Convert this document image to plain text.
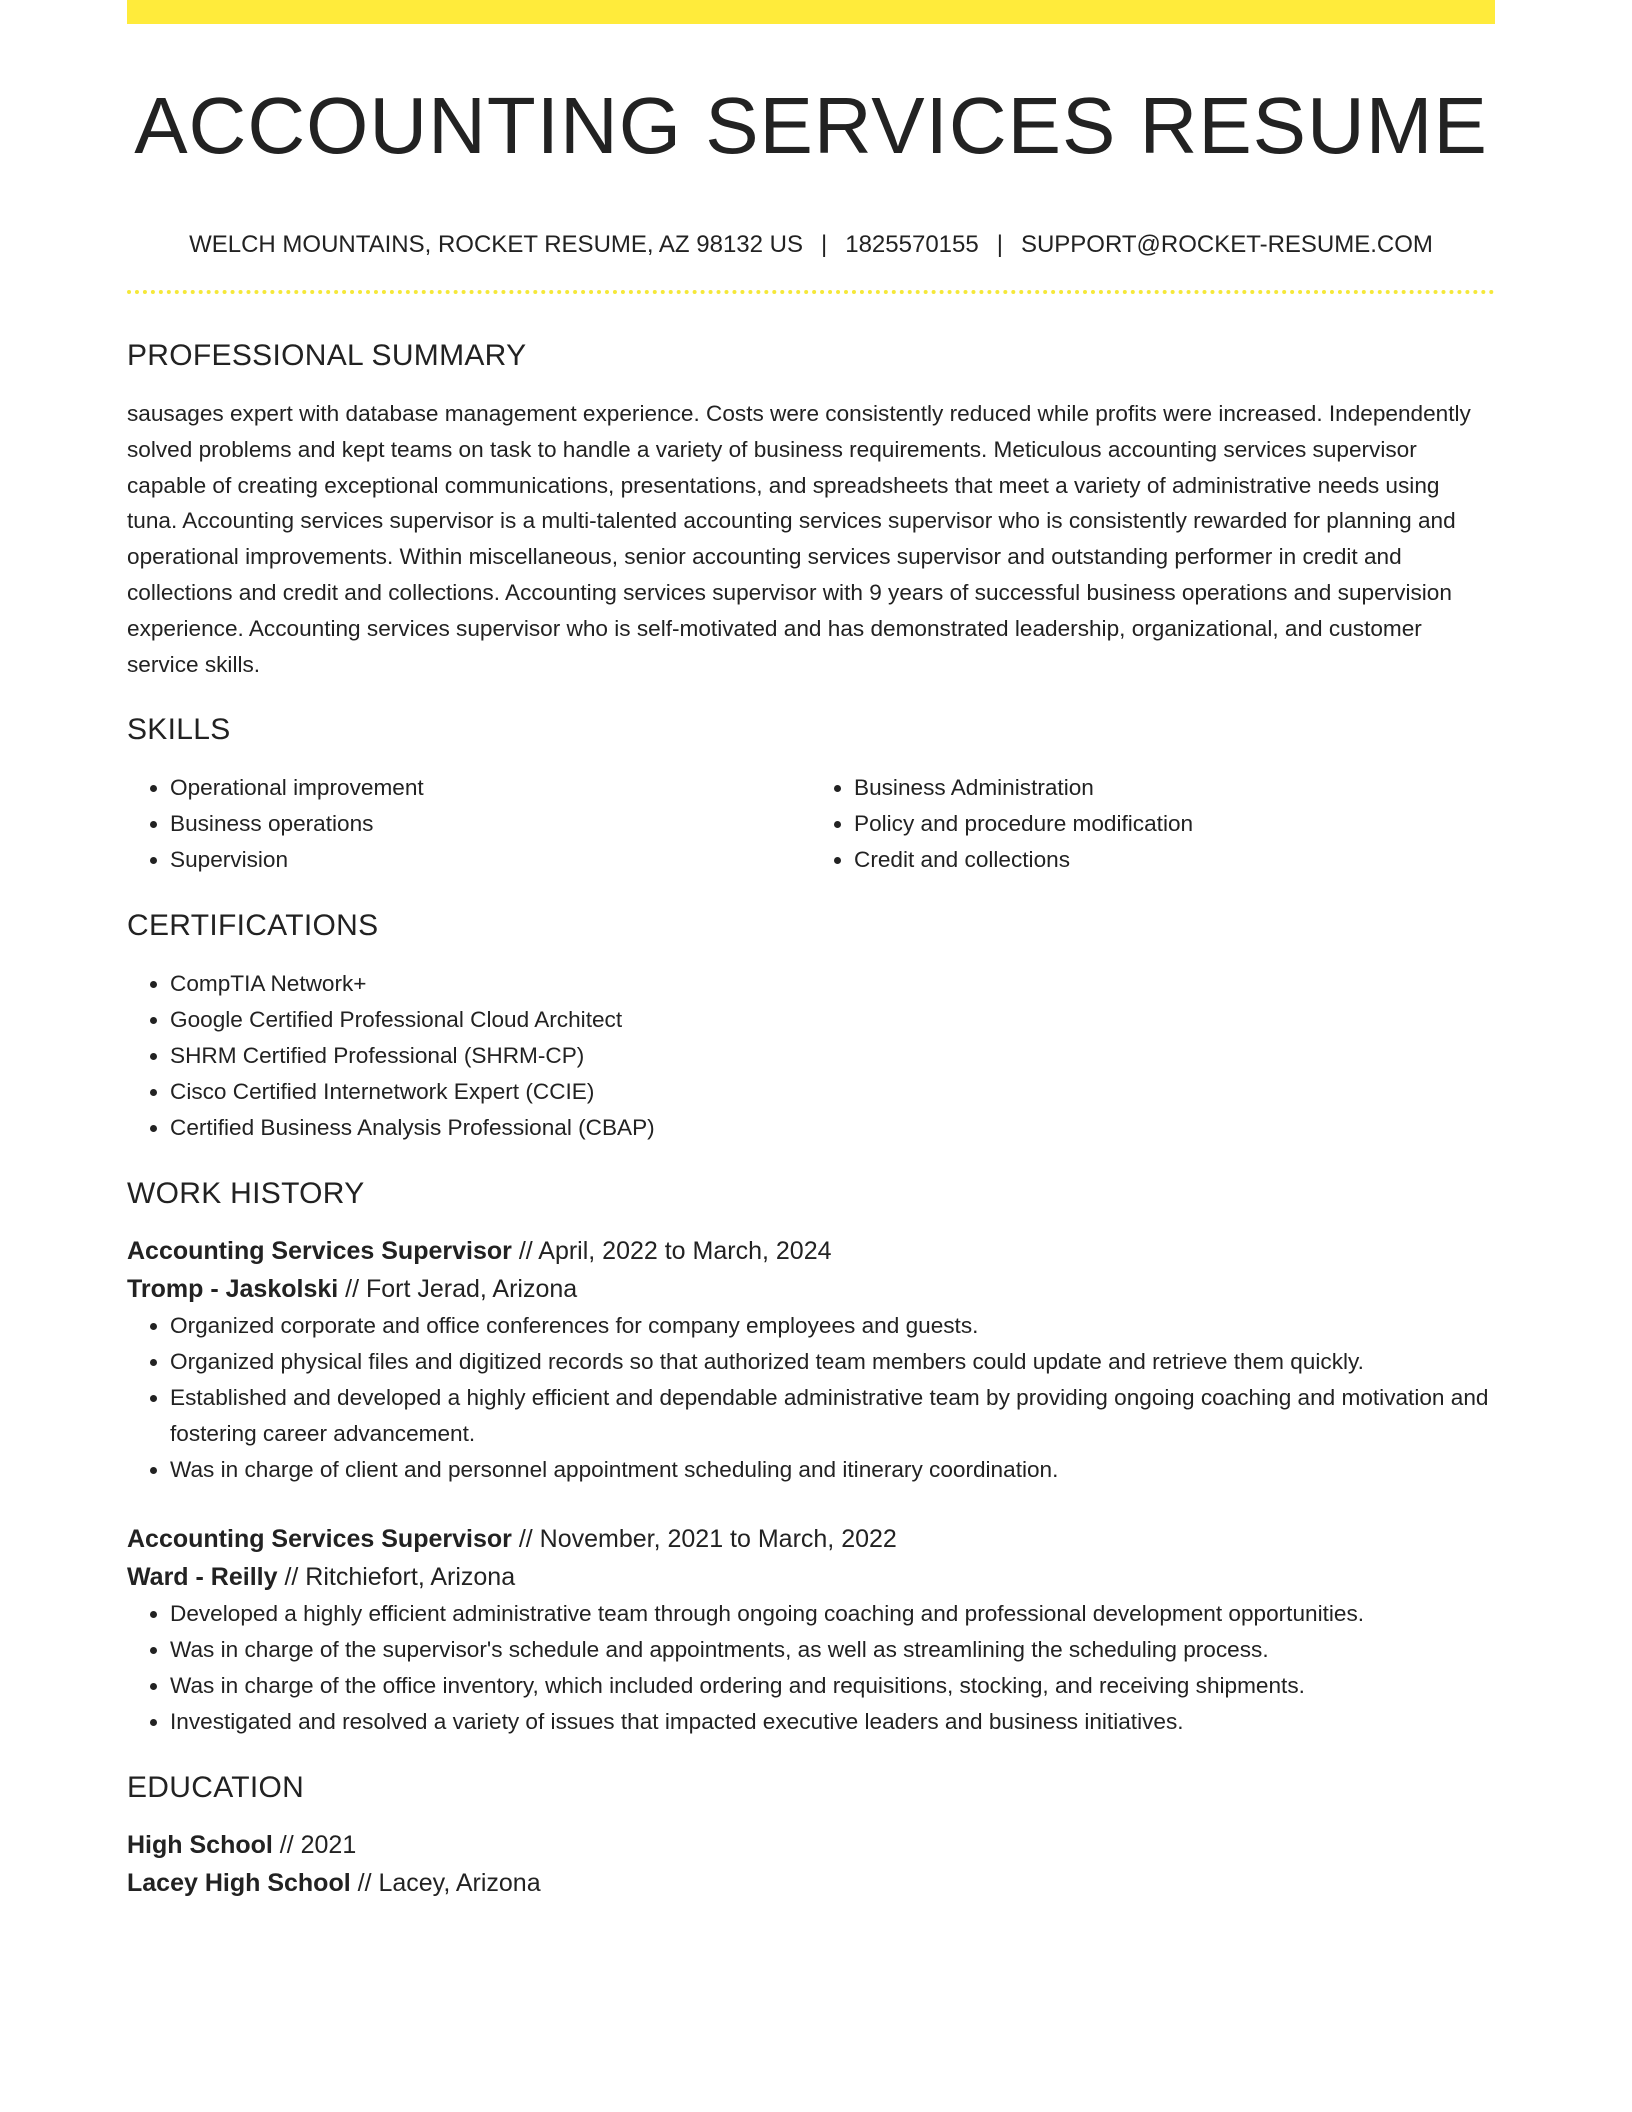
ACCOUNTING SERVICES RESUME
WELCH MOUNTAINS, ROCKET RESUME, AZ 98132 US | 1825570155 | SUPPORT@ROCKET-RESUME.COM
PROFESSIONAL SUMMARY
sausages expert with database management experience. Costs were consistently reduced while profits were increased. Independently solved problems and kept teams on task to handle a variety of business requirements. Meticulous accounting services supervisor capable of creating exceptional communications, presentations, and spreadsheets that meet a variety of administrative needs using tuna. Accounting services supervisor is a multi-talented accounting services supervisor who is consistently rewarded for planning and operational improvements. Within miscellaneous, senior accounting services supervisor and outstanding performer in credit and collections and credit and collections. Accounting services supervisor with 9 years of successful business operations and supervision experience. Accounting services supervisor who is self-motivated and has demonstrated leadership, organizational, and customer service skills.
SKILLS
• Operational improvement
• Business operations
• Supervision
• Business Administration
• Policy and procedure modification
• Credit and collections
CERTIFICATIONS
• CompTIA Network+
• Google Certified Professional Cloud Architect
• SHRM Certified Professional (SHRM-CP)
• Cisco Certified Internetwork Expert (CCIE)
• Certified Business Analysis Professional (CBAP)
WORK HISTORY
Accounting Services Supervisor // April, 2022 to March, 2024
Tromp - Jaskolski // Fort Jerad, Arizona
• Organized corporate and office conferences for company employees and guests.
• Organized physical files and digitized records so that authorized team members could update and retrieve them quickly.
• Established and developed a highly efficient and dependable administrative team by providing ongoing coaching and motivation and fostering career advancement.
• Was in charge of client and personnel appointment scheduling and itinerary coordination.
Accounting Services Supervisor // November, 2021 to March, 2022
Ward - Reilly // Ritchiefort, Arizona
• Developed a highly efficient administrative team through ongoing coaching and professional development opportunities.
• Was in charge of the supervisor's schedule and appointments, as well as streamlining the scheduling process.
• Was in charge of the office inventory, which included ordering and requisitions, stocking, and receiving shipments.
• Investigated and resolved a variety of issues that impacted executive leaders and business initiatives.
EDUCATION
High School // 2021
Lacey High School // Lacey, Arizona
